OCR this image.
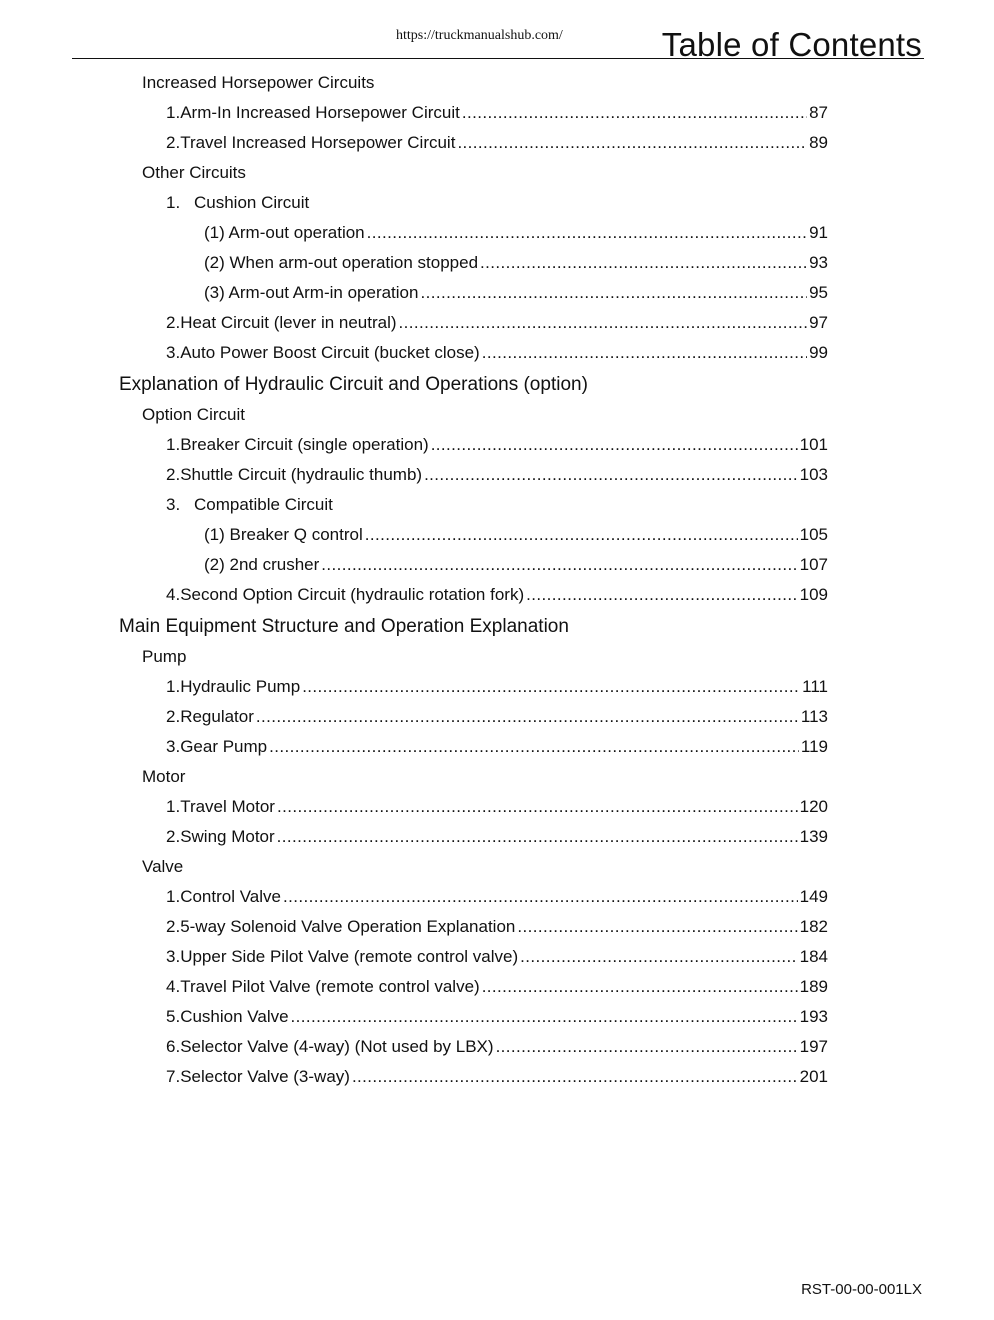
https://truckmanualshub.com/	Table of Contents
Increased Horsepower Circuits
1. Arm-In Increased Horsepower Circuit .....	87
2. Travel Increased Horsepower Circuit .....	89
Other Circuits
1. Cushion Circuit
(1) Arm-out operation .....	91
(2) When arm-out operation stopped .....	93
(3) Arm-out Arm-in operation .....	95
2. Heat Circuit (lever in neutral) .....	97
3. Auto Power Boost Circuit (bucket close) .....	99
Explanation of Hydraulic Circuit and Operations (option)
Option Circuit
1. Breaker Circuit (single operation) .....	101
2. Shuttle Circuit (hydraulic thumb) .....	103
3. Compatible Circuit
(1) Breaker Q control .....	105
(2) 2nd crusher .....	107
4. Second Option Circuit (hydraulic rotation fork) .....	109
Main Equipment Structure and Operation Explanation
Pump
1. Hydraulic Pump .....	111
2. Regulator .....	113
3. Gear Pump .....	119
Motor
1. Travel Motor .....	120
2. Swing Motor .....	139
Valve
1. Control Valve .....	149
2. 5-way Solenoid Valve Operation Explanation .....	182
3. Upper Side Pilot Valve (remote control valve) .....	184
4. Travel Pilot Valve (remote control valve) .....	189
5. Cushion Valve .....	193
6. Selector Valve (4-way) (Not used by LBX) .....	197
7. Selector Valve (3-way) .....	201
RST-00-00-001LX
